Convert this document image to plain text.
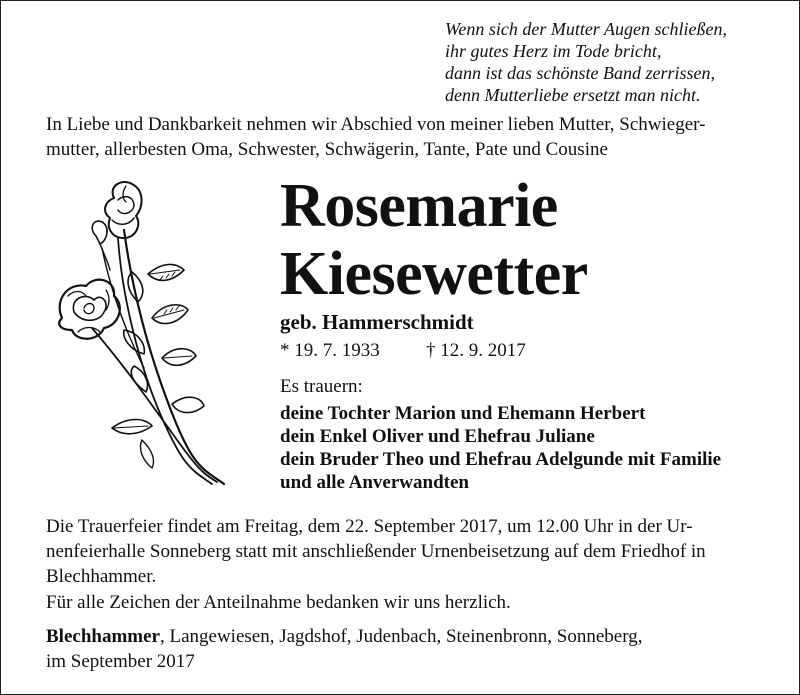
Wenn sich der Mutter Augen schließen,
ihr gutes Herz im Tode bricht,
dann ist das schönste Band zerrissen,
denn Mutterliebe ersetzt man nicht.
In Liebe und Dankbarkeit nehmen wir Abschied von meiner lieben Mutter, Schwieger-
mutter, allerbesten Oma, Schwester, Schwägerin, Tante, Pate und Cousine
Rosemarie
Kiesewetter
geb. Hammerschmidt
* 19. 7. 1933 † 12. 9. 2017
Es trauern:
deine Tochter Marion und Ehemann Herbert
dein Enkel Oliver und Ehefrau Juliane
dein Bruder Theo und Ehefrau Adelgunde mit Familie
und alle Anverwandten
Die Trauerfeier findet am Freitag, dem 22. September 2017, um 12.00 Uhr in der Ur-
nenfeierhalle Sonneberg statt mit anschließender Urnenbeisetzung auf dem Friedhof in
Blechhammer.
Für alle Zeichen der Anteilnahme bedanken wir uns herzlich.
Blechhammer, Langewiesen, Jagdshof, Judenbach, Steinenbronn, Sonneberg,
im September 2017
